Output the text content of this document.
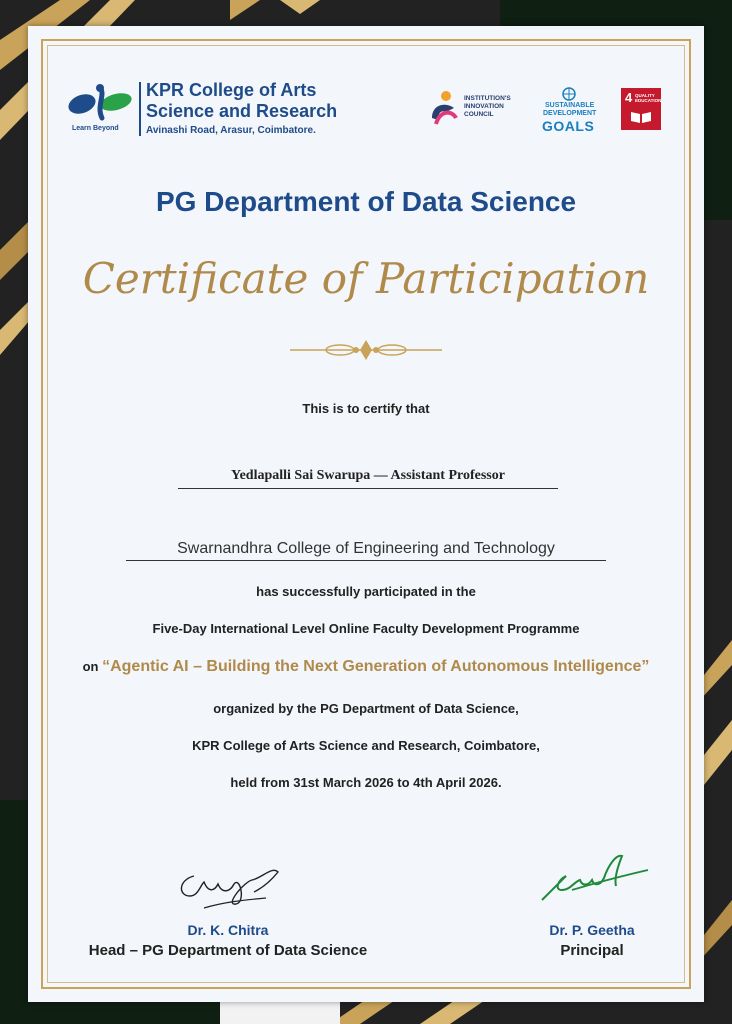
Learn Beyond
KPR College of Arts
Science and Research
Avinashi Road, Arasur, Coimbatore.
INSTITUTION'S
INNOVATION
COUNCIL
SUSTAINABLE
DEVELOPMENT
GOALS
4 QUALITY
EDUCATION
PG Department of Data Science
Certificate of Participation
This is to certify that
Yedlapalli Sai Swarupa — Assistant Professor
Swarnandhra College of Engineering and Technology
has successfully participated in the
Five-Day International Level Online Faculty Development Programme
on “Agentic AI – Building the Next Generation of Autonomous Intelligence”
organized by the PG Department of Data Science,
KPR College of Arts Science and Research, Coimbatore,
held from 31st March 2026 to 4th April 2026.
Dr. K. Chitra
Head – PG Department of Data Science
Dr. P. Geetha
Principal
